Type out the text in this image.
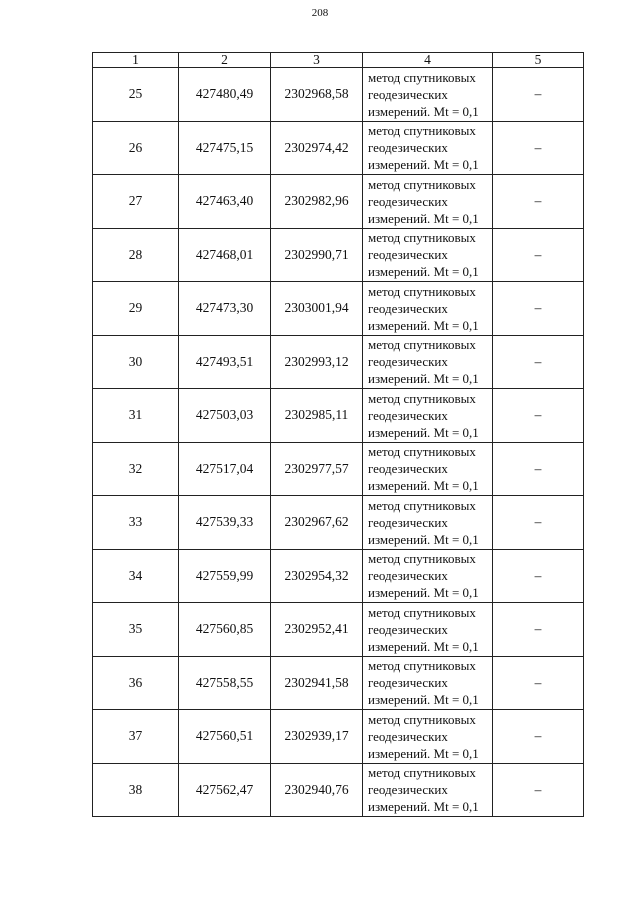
208
1	2	3	4	5
25	427480,49	2302968,58	метод спутниковых геодезических измерений. Mt = 0,1	–
26	427475,15	2302974,42	метод спутниковых геодезических измерений. Mt = 0,1	–
27	427463,40	2302982,96	метод спутниковых геодезических измерений. Mt = 0,1	–
28	427468,01	2302990,71	метод спутниковых геодезических измерений. Mt = 0,1	–
29	427473,30	2303001,94	метод спутниковых геодезических измерений. Mt = 0,1	–
30	427493,51	2302993,12	метод спутниковых геодезических измерений. Mt = 0,1	–
31	427503,03	2302985,11	метод спутниковых геодезических измерений. Mt = 0,1	–
32	427517,04	2302977,57	метод спутниковых геодезических измерений. Mt = 0,1	–
33	427539,33	2302967,62	метод спутниковых геодезических измерений. Mt = 0,1	–
34	427559,99	2302954,32	метод спутниковых геодезических измерений. Mt = 0,1	–
35	427560,85	2302952,41	метод спутниковых геодезических измерений. Mt = 0,1	–
36	427558,55	2302941,58	метод спутниковых геодезических измерений. Mt = 0,1	–
37	427560,51	2302939,17	метод спутниковых геодезических измерений. Mt = 0,1	–
38	427562,47	2302940,76	метод спутниковых геодезических измерений. Mt = 0,1	–
